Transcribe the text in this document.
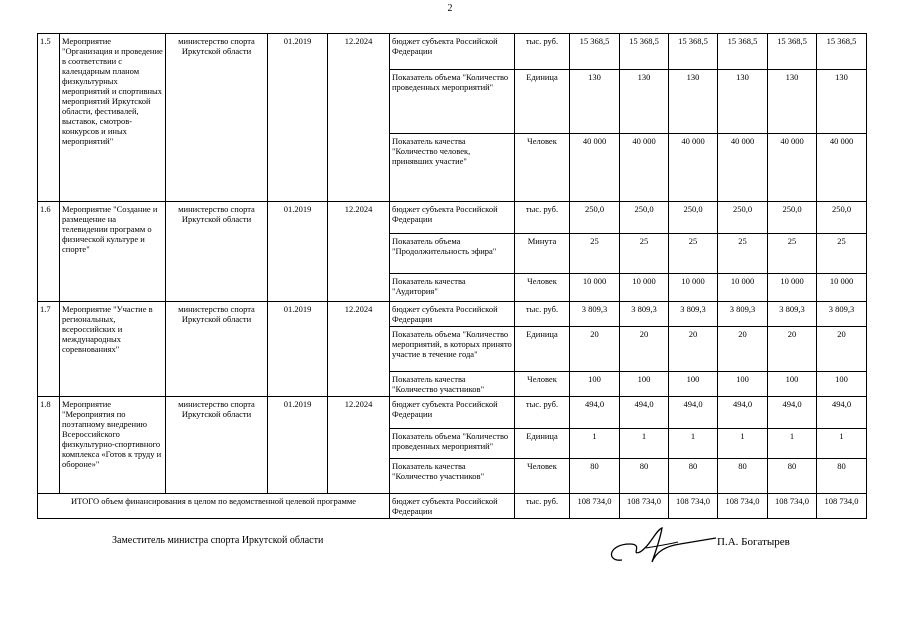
2
1.5	Мероприятие "Организация и проведение в соответствии с календарным планом физкультурных мероприятий и спортивных мероприятий Иркутской области, фестивалей, выставок, смотров-конкурсов и иных мероприятий"	министерство спорта Иркутской области	01.2019	12.2024	бюджет субъекта Российской Федерации	тыс. руб.	15 368,5	15 368,5	15 368,5	15 368,5	15 368,5	15 368,5
					Показатель объема "Количество проведенных мероприятий"	Единица	130	130	130	130	130	130
					Показатель качества "Количество человек, принявших участие"	Человек	40 000	40 000	40 000	40 000	40 000	40 000
1.6	Мероприятие "Создание и размещение на телевидении программ о физической культуре и спорте"	министерство спорта Иркутской области	01.2019	12.2024	бюджет субъекта Российской Федерации	тыс. руб.	250,0	250,0	250,0	250,0	250,0	250,0
					Показатель объема "Продолжительность эфира"	Минута	25	25	25	25	25	25
					Показатель качества "Аудитория"	Человек	10 000	10 000	10 000	10 000	10 000	10 000
1.7	Мероприятие "Участие в региональных, всероссийских и международных соревнованиях"	министерство спорта Иркутской области	01.2019	12.2024	бюджет субъекта Российской Федерации	тыс. руб.	3 809,3	3 809,3	3 809,3	3 809,3	3 809,3	3 809,3
					Показатель объема "Количество мероприятий, в которых принято участие в течение года"	Единица	20	20	20	20	20	20
					Показатель качества "Количество участников"	Человек	100	100	100	100	100	100
1.8	Мероприятие "Мероприятия по поэтапному внедрению Всероссийского физкультурно-спортивного комплекса «Готов к труду и обороне»"	министерство спорта Иркутской области	01.2019	12.2024	бюджет субъекта Российской Федерации	тыс. руб.	494,0	494,0	494,0	494,0	494,0	494,0
					Показатель объема "Количество проведенных мероприятий"	Единица	1	1	1	1	1	1
					Показатель качества "Количество участников"	Человек	80	80	80	80	80	80
ИТОГО объем финансирования в целом по ведомственной целевой программе					бюджет субъекта Российской Федерации	тыс. руб.	108 734,0	108 734,0	108 734,0	108 734,0	108 734,0	108 734,0
Заместитель министра спорта Иркутской области	П.А. Богатырев
